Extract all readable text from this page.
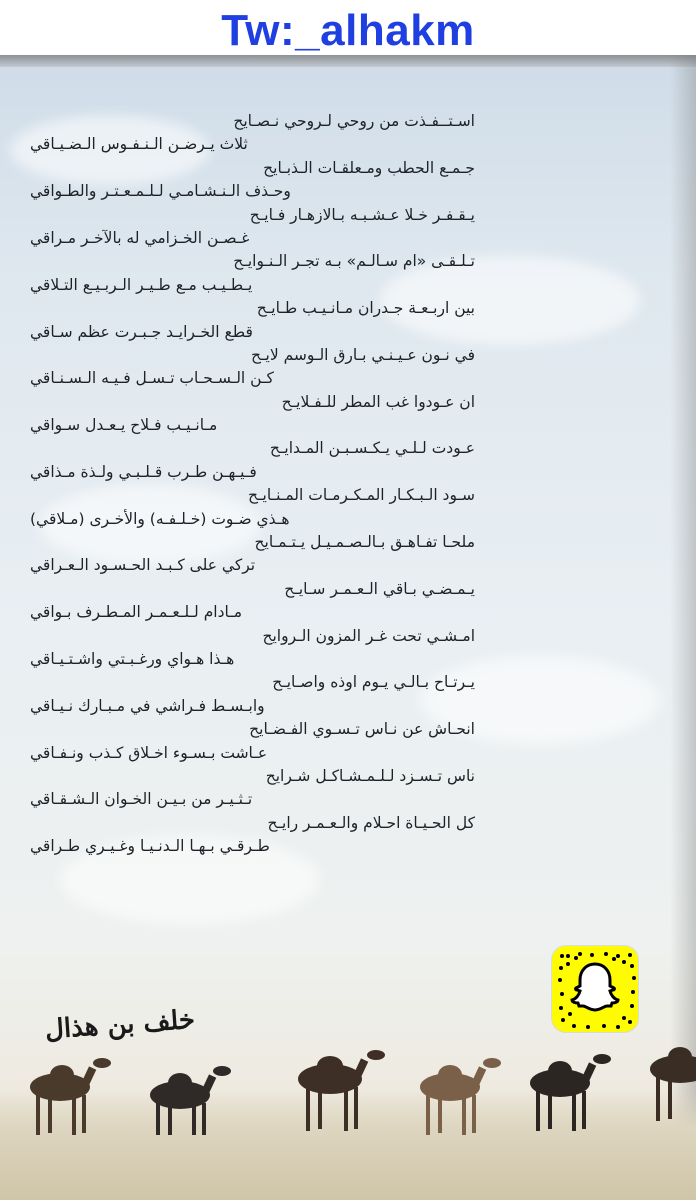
Tw:_alhakm
اسـتــفـذت من روحي لـروحي نـصـايح
ثلاث يـرضـن الـنـفـوس الـضـيـاقي
جـمـع الحطب ومـعلقـات الـذبـايح
وحـذف الـنـشـامـي لـلـمـعـتـر والطـواقي
يـقـفـر خـلا عـشـبـه بـالازهـار فـايـح
غـصـن الخـزامي له بالآخـر مـراقي
تـلـقـى «ام سـالـم» بـه تجـر الـنـوايـح
يـطـيـب مـع طـيـر الـربـيـع التـلاقي
بين اربـعـة جـدران مـانـيـب طـايـح
قطع الخـرايـد جـبـرت عظم سـاقي
في نـون عـيـنـي بـارق الـوسم لايـح
كـن الـسـحـاب تـسـل فـيـه الـسـنـاقي
ان عـودوا غب المطر للـفـلايـح
مـانـيـب فـلاح يـعـدل سـواقي
عـودت لـلـي يـكـسـبـن المـدايـح
فـيـهـن طـرب قـلـبـي ولـذة مـذاقي
سـود الـبـكـار المـكـرمـات المـنـايـح
هـذي ضـوت (خـلـفـه) والأخـرى (مـلاقي)
ملحـا تفـاهـق بـالـصـمـيـل يـتـمـايح
تركي على كـبـد الحـسـود الـعـراقي
يـمـضـي بـاقي الـعـمـر سـايـح
مـادام لـلـعـمـر المـطـرف بـواقي
امـشـي تحت غـر المزون الـروايح
هـذا هـواي ورغـبـتي واشـتـيـاقي
يـرتـاح بـالـي يـوم اوذه واصـايـح
وابـسـط فـراشي في مـبـارك نـيـاقي
انحـاش عن نـاس تـسـوي الفـضـايح
عـاشت بـسـوء اخـلاق كـذب ونـفـاقي
ناس تـسـزد لـلـمـشـاكـل شـرايح
تـثـيـر من بـيـن الخـوان الـشـقـاقي
كل الحـيـاة احـلام والـعـمـر رايـح
طـرقـي بـهـا الـدنـيـا وغـيـري طـراقي
خلف بن هذال
